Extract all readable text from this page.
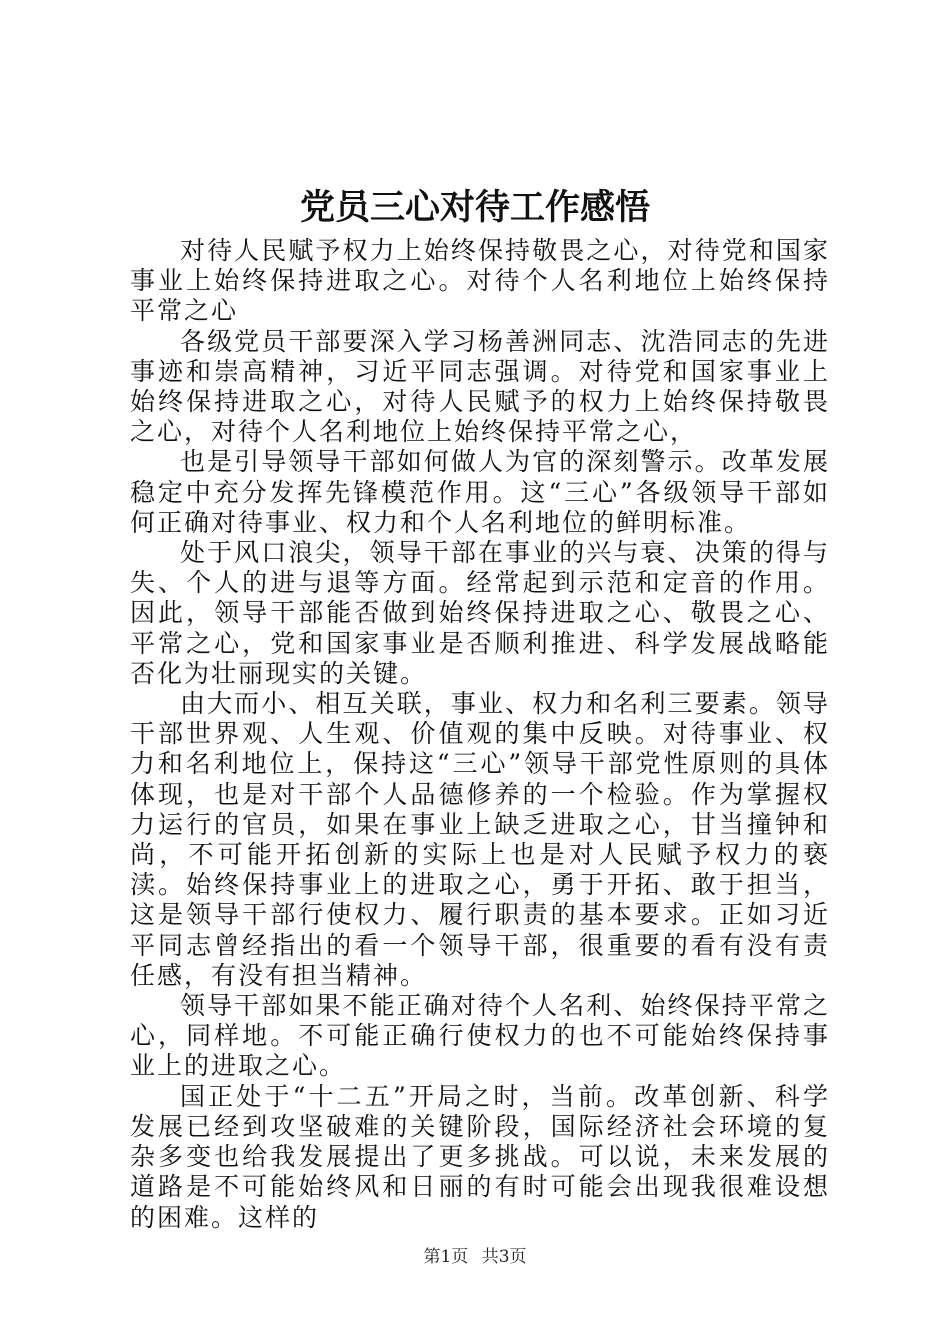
党员三心对待工作感悟

对待人民赋予权力上始终保持敬畏之心，对待党和国家事业上始终保持进取之心。对待个人名利地位上始终保持平常之心

各级党员干部要深入学习杨善洲同志、沈浩同志的先进事迹和崇高精神，习近平同志强调。对待党和国家事业上始终保持进取之心，对待人民赋予的权力上始终保持敬畏之心，对待个人名利地位上始终保持平常之心，

也是引导领导干部如何做人为官的深刻警示。改革发展稳定中充分发挥先锋模范作用。这“三心”各级领导干部如何正确对待事业、权力和个人名利地位的鲜明标准。

处于风口浪尖，领导干部在事业的兴与衰、决策的得与失、个人的进与退等方面。经常起到示范和定音的作用。因此，领导干部能否做到始终保持进取之心、敬畏之心、平常之心，党和国家事业是否顺利推进、科学发展战略能否化为壮丽现实的关键。

由大而小、相互关联，事业、权力和名利三要素。领导干部世界观、人生观、价值观的集中反映。对待事业、权力和名利地位上，保持这“三心”领导干部党性原则的具体体现，也是对干部个人品德修养的一个检验。作为掌握权力运行的官员，如果在事业上缺乏进取之心，甘当撞钟和尚，不可能开拓创新的实际上也是对人民赋予权力的亵渎。始终保持事业上的进取之心，勇于开拓、敢于担当，这是领导干部行使权力、履行职责的基本要求。正如习近平同志曾经指出的看一个领导干部，很重要的看有没有责任感，有没有担当精神。

领导干部如果不能正确对待个人名利、始终保持平常之心，同样地。不可能正确行使权力的也不可能始终保持事业上的进取之心。

国正处于“十二五”开局之时，当前。改革创新、科学发展已经到攻坚破难的关键阶段，国际经济社会环境的复杂多变也给我发展提出了更多挑战。可以说，未来发展的道路是不可能始终风和日丽的有时可能会出现我很难设想的困难。这样的

第1页 共3页
